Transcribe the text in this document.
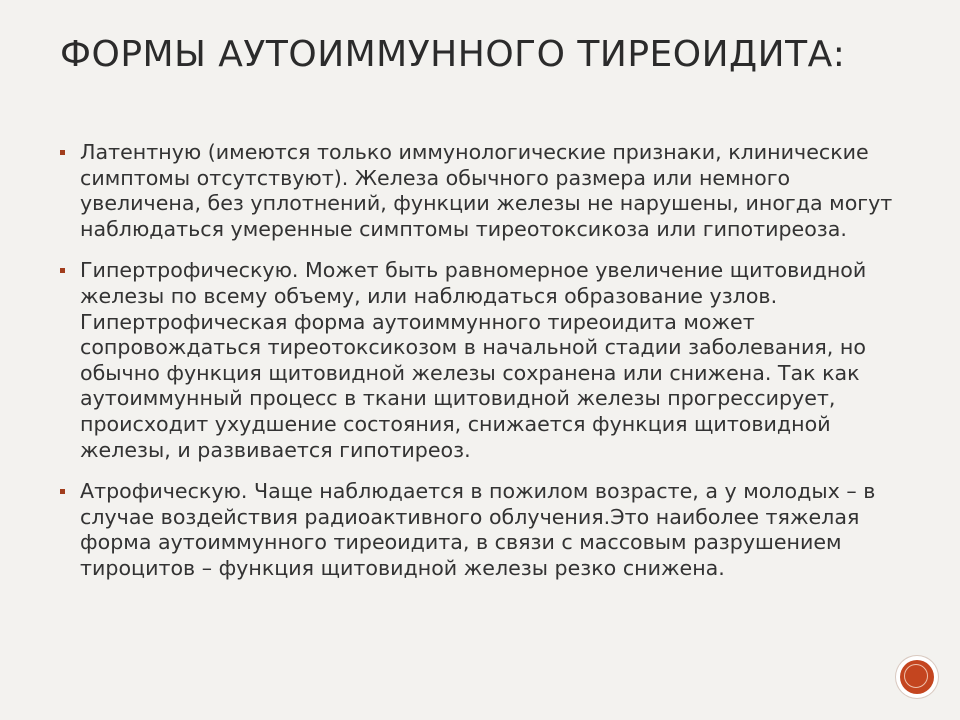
ФОРМЫ АУТОИММУННОГО ТИРЕОИДИТА:
Латентную (имеются только иммунологические признаки, клинические симптомы отсутствуют). Железа обычного размера или немного увеличена, без уплотнений, функции железы не нарушены, иногда могут наблюдаться умеренные симптомы тиреотоксикоза или гипотиреоза.
Гипертрофическую. Может быть равномерное увеличение щитовидной железы по всему объему, или наблюдаться образование узлов. Гипертрофическая форма аутоиммунного тиреоидита может сопровождаться тиреотоксикозом в начальной стадии заболевания, но обычно функция щитовидной железы сохранена или снижена. Так как аутоиммунный процесс в ткани щитовидной железы прогрессирует, происходит ухудшение состояния, снижается функция щитовидной железы, и развивается гипотиреоз.
Атрофическую. Чаще наблюдается в пожилом возрасте, а у молодых – в случае воздействия радиоактивного облучения.Это наиболее тяжелая форма аутоиммунного тиреоидита, в связи с массовым разрушением тироцитов – функция щитовидной железы резко снижена.
